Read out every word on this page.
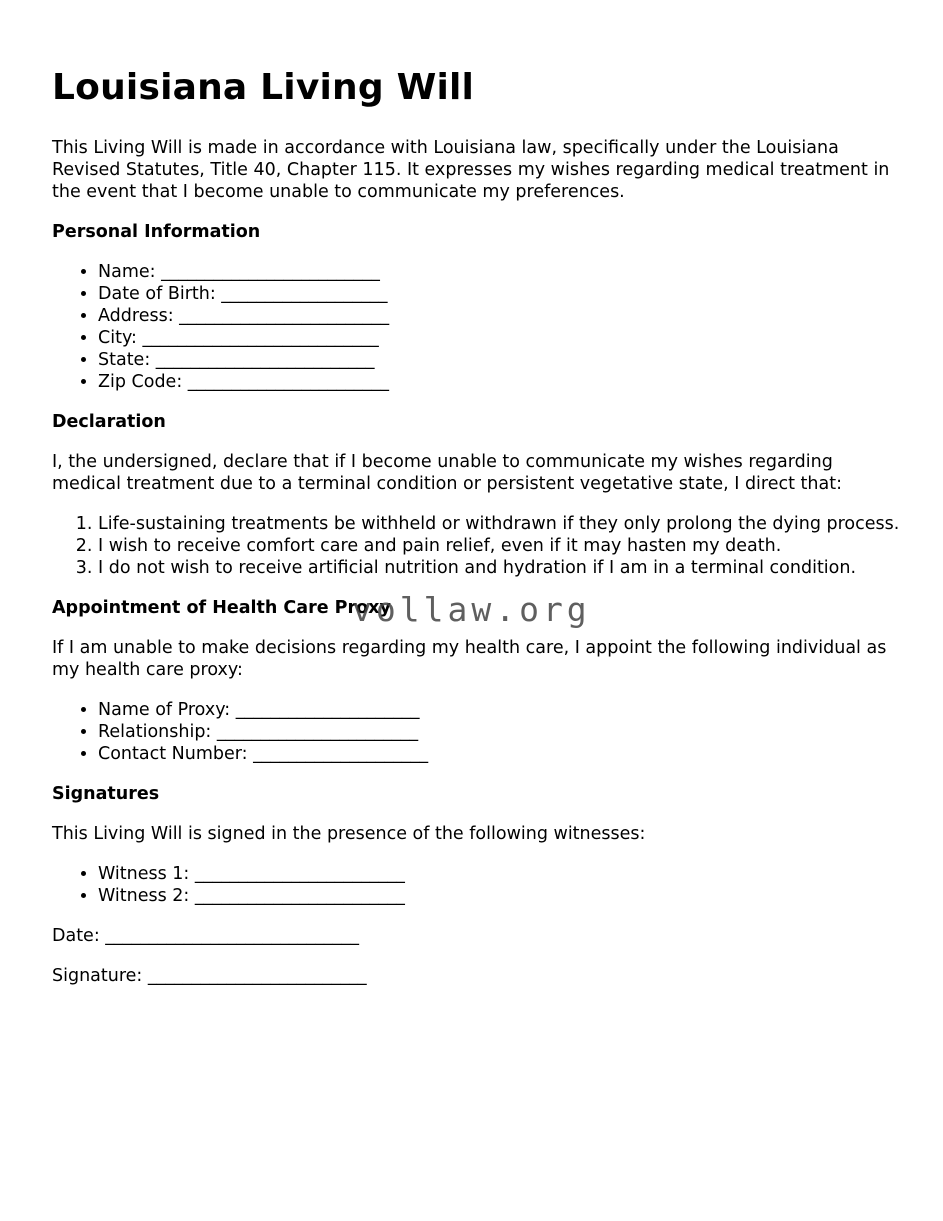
Louisiana Living Will

This Living Will is made in accordance with Louisiana law, specifically under the Louisiana Revised Statutes, Title 40, Chapter 115. It expresses my wishes regarding medical treatment in the event that I become unable to communicate my preferences.

Personal Information
• Name: _________________________
• Date of Birth: ___________________
• Address: ________________________
• City: ___________________________
• State: _________________________
• Zip Code: _______________________
Declaration

I, the undersigned, declare that if I become unable to communicate my wishes regarding medical treatment due to a terminal condition or persistent vegetative state, I direct that:

1. Life-sustaining treatments be withheld or withdrawn if they only prolong the dying process.
2. I wish to receive comfort care and pain relief, even if it may hasten my death.
3. I do not wish to receive artificial nutrition and hydration if I am in a terminal condition.
Appointment of Health Care Proxy

If I am unable to make decisions regarding my health care, I appoint the following individual as my health care proxy:

• Name of Proxy: _____________________
• Relationship: _______________________
• Contact Number: ____________________
Signatures

This Living Will is signed in the presence of the following witnesses:

• Witness 1: ________________________
• Witness 2: ________________________

Date: _____________________________

Signature: _________________________

vollaw.org
